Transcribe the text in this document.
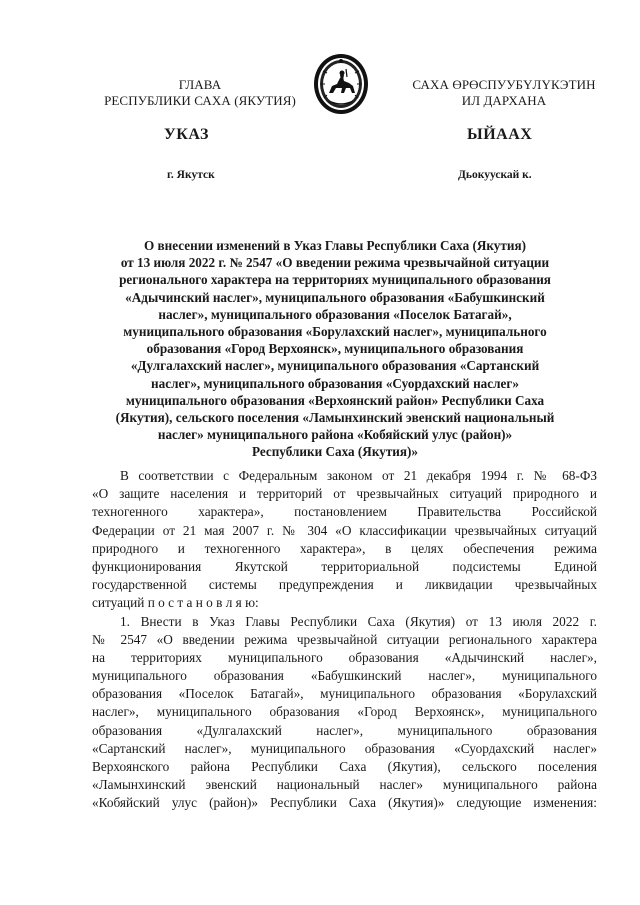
ГЛАВА
РЕСПУБЛИКИ САХА (ЯКУТИЯ)
САХА ӨРӨСПУУБҮЛҮКЭТИН
ИЛ ДАРХАНА
УКАЗ	ЫЙААХ
г. Якутск	Дьокуускай к.
О внесении изменений в Указ Главы Республики Саха (Якутия)
от 13 июля 2022 г. № 2547 «О введении режима чрезвычайной ситуации
регионального характера на территориях муниципального образования
«Адычинский наслег», муниципального образования «Бабушкинский
наслег», муниципального образования «Поселок Батагай»,
муниципального образования «Борулахский наслег», муниципального
образования «Город Верхоянск», муниципального образования
«Дулгалахский наслег», муниципального образования «Сартанский
наслег», муниципального образования «Суордахский наслег»
муниципального образования «Верхоянский район» Республики Саха
(Якутия), сельского поселения «Ламынхинский эвенский национальный
наслег» муниципального района «Кобяйский улус (район)»
Республики Саха (Якутия)»
В соответствии с Федеральным законом от 21 декабря 1994 г. № 68-ФЗ
«О защите населения и территорий от чрезвычайных ситуаций природного и
техногенного характера», постановлением Правительства Российской
Федерации от 21 мая 2007 г. № 304 «О классификации чрезвычайных ситуаций
природного и техногенного характера», в целях обеспечения режима
функционирования Якутской территориальной подсистемы Единой
государственной системы предупреждения и ликвидации чрезвычайных
ситуаций п о с т а н о в л я ю:
1. Внести в Указ Главы Республики Саха (Якутия) от 13 июля 2022 г.
№ 2547 «О введении режима чрезвычайной ситуации регионального характера
на территориях муниципального образования «Адычинский наслег»,
муниципального образования «Бабушкинский наслег», муниципального
образования «Поселок Батагай», муниципального образования «Борулахский
наслег», муниципального образования «Город Верхоянск», муниципального
образования «Дулгалахский наслег», муниципального образования
«Сартанский наслег», муниципального образования «Суордахский наслег»
Верхоянского района Республики Саха (Якутия), сельского поселения
«Ламынхинский эвенский национальный наслег» муниципального района
«Кобяйский улус (район)» Республики Саха (Якутия)» следующие изменения:
